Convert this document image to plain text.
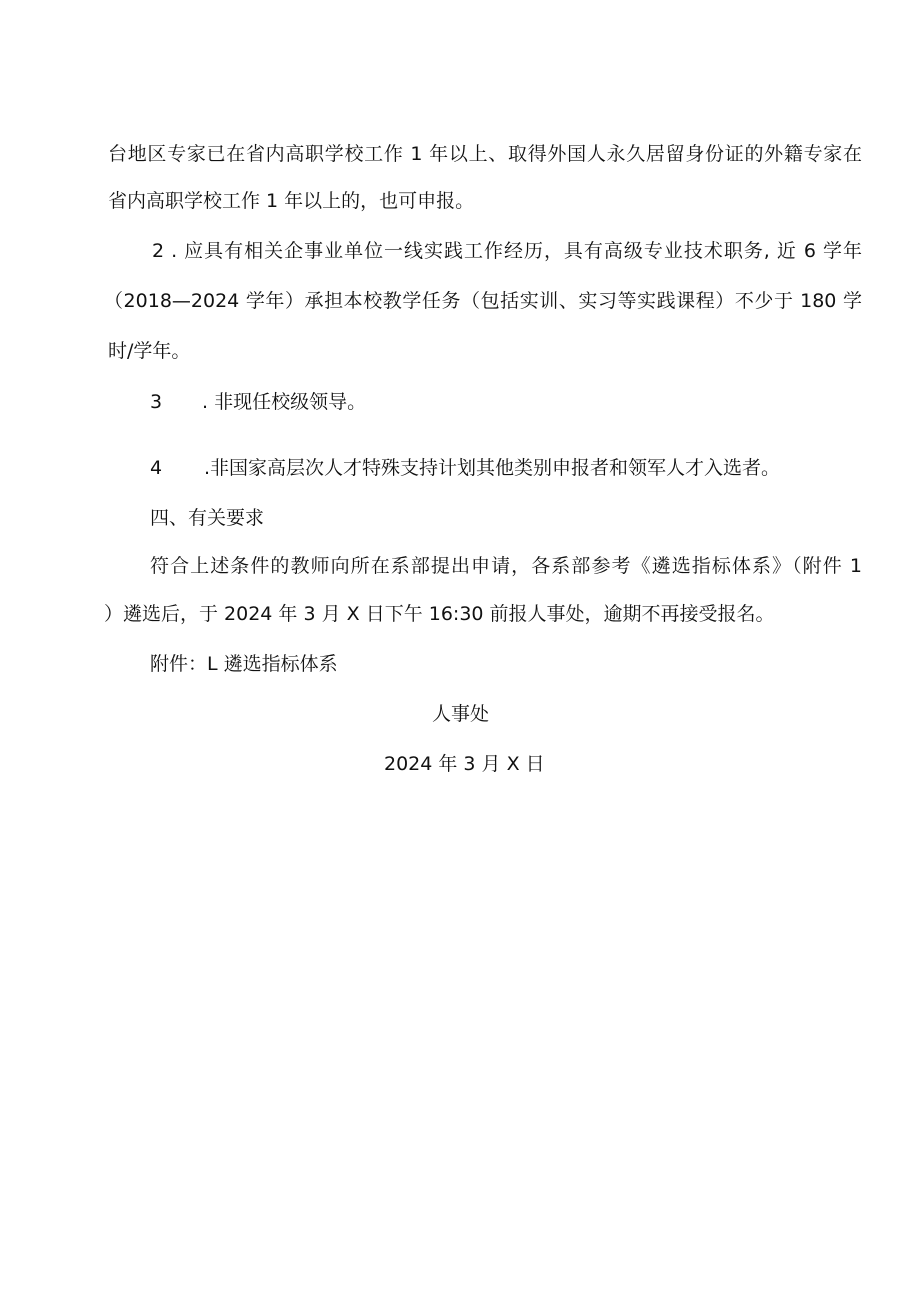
台地区专家已在省内高职学校工作 1 年以上、取得外国人永久居留身份证的外籍专家在
省内高职学校工作 1 年以上的，也可申报。
2 . 应具有相关企事业单位一线实践工作经历，具有高级专业技术职务, 近 6 学年
（2018—2024 学年）承担本校教学任务（包括实训、实习等实践课程）不少于 180 学
时/学年。
3 . 非现任校级领导。
4 .非国家高层次人才特殊支持计划其他类别申报者和领军人才入选者。
四、有关要求
符合上述条件的教师向所在系部提出申请，各系部参考《遴选指标体系》（附件 1
）遴选后，于 2024 年 3 月 X 日下午 16:30 前报人事处，逾期不再接受报名。
附件：L 遴选指标体系
人事处
2024 年 3 月 X 日
